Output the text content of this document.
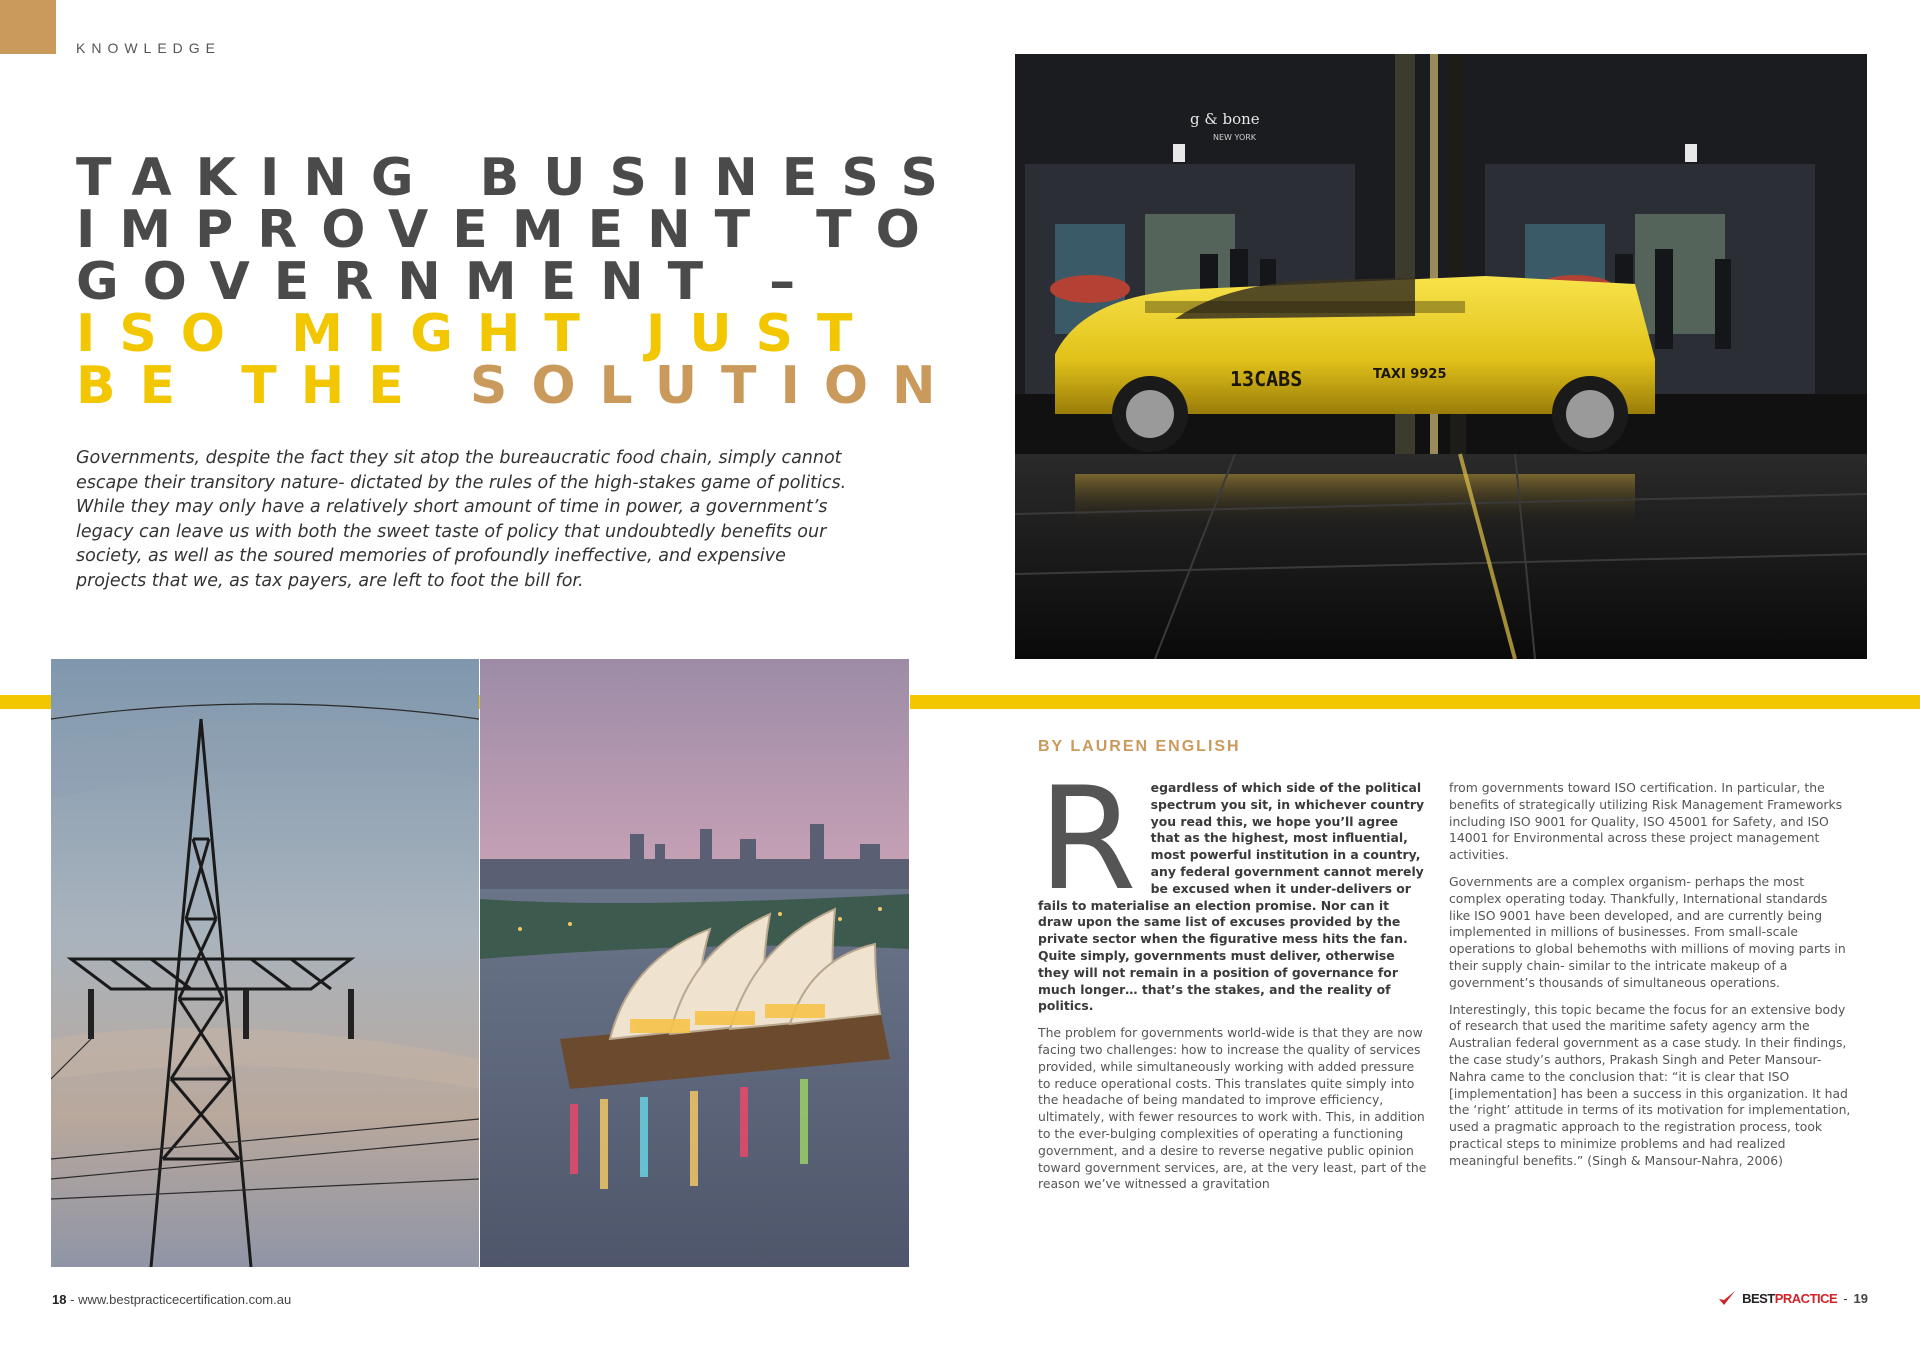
KNOWLEDGE
TAKING BUSINESS
IMPROVEMENT TO
GOVERNMENT –
ISO MIGHT JUST
BE THE SOLUTION

Governments, despite the fact they sit atop the bureaucratic food chain, simply cannot escape their transitory nature- dictated by the rules of the high-stakes game of politics. While they may only have a relatively short amount of time in power, a government’s legacy can leave us with both the sweet taste of policy that undoubtedly benefits our society, as well as the soured memories of profoundly ineffective, and expensive projects that we, as tax payers, are left to foot the bill for.

g & bone
NEW YORK
13CABS	TAXI 9925
BY LAUREN ENGLISH

R egardless of which side of the political spectrum you sit, in whichever country you read this, we hope you’ll agree that as the highest, most influential, most powerful institution in a country, any federal government cannot merely be excused when it under-delivers or fails to materialise an election promise. Nor can it draw upon the same list of excuses provided by the private sector when the figurative mess hits the fan. Quite simply, governments must deliver, otherwise they will not remain in a position of governance for much longer… that’s the stakes, and the reality of politics.

The problem for governments world-wide is that they are now facing two challenges: how to increase the quality of services provided, while simultaneously working with added pressure to reduce operational costs. This translates quite simply into the headache of being mandated to improve efficiency, ultimately, with fewer resources to work with. This, in addition to the ever-bulging complexities of operating a functioning government, and a desire to reverse negative public opinion toward government services, are, at the very least, part of the reason we’ve witnessed a gravitation

from governments toward ISO certification. In particular, the benefits of strategically utilizing Risk Management Frameworks including ISO 9001 for Quality, ISO 45001 for Safety, and ISO 14001 for Environmental across these project management activities.

Governments are a complex organism- perhaps the most complex operating today. Thankfully, International standards like ISO 9001 have been developed, and are currently being implemented in millions of businesses. From small-scale operations to global behemoths with millions of moving parts in their supply chain- similar to the intricate makeup of a government’s thousands of simultaneous operations.

Interestingly, this topic became the focus for an extensive body of research that used the maritime safety agency arm the Australian federal government as a case study. In their findings, the case study’s authors, Prakash Singh and Peter Mansour-Nahra came to the conclusion that: “it is clear that ISO [implementation] has been a success in this organization. It had the ‘right’ attitude in terms of its motivation for implementation, used a pragmatic approach to the registration process, took practical steps to minimize problems and had realized meaningful benefits.” (Singh & Mansour-Nahra, 2006)

18 - www.bestpracticecertification.com.au	BESTPRACTICE - 19
